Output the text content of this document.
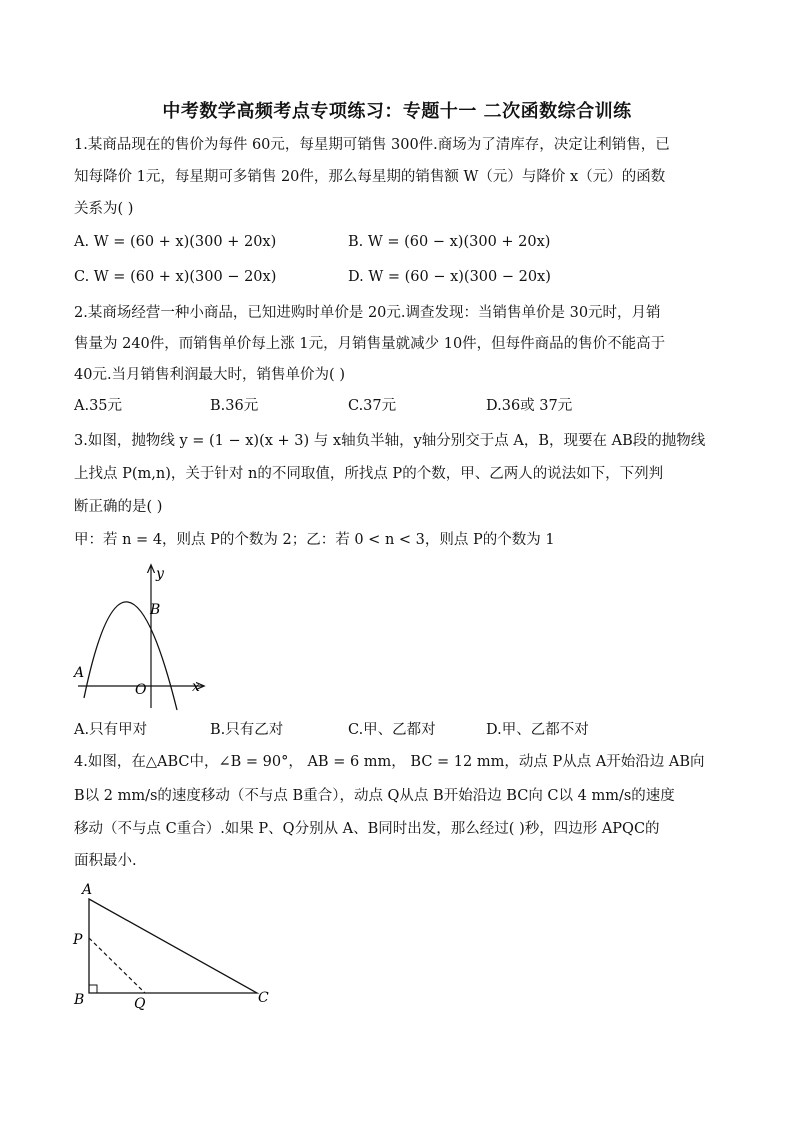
中考数学高频考点专项练习：专题十一 二次函数综合训练
1.某商品现在的售价为每件 60元，每星期可销售 300件.商场为了清库存，决定让利销售，已
知每降价 1元，每星期可多销售 20件，那么每星期的销售额 W（元）与降价 x（元）的函数
关系为( )
A. W = (60 + x)(300 + 20x)	B. W = (60 − x)(300 + 20x)
C. W = (60 + x)(300 − 20x)	D. W = (60 − x)(300 − 20x)
2.某商场经营一种小商品，已知进购时单价是 20元.调查发现：当销售单价是 30元时，月销
售量为 240件，而销售单价每上涨 1元，月销售量就减少 10件，但每件商品的售价不能高于
40元.当月销售利润最大时，销售单价为( )
A.35元	B.36元	C.37元	D.36或 37元
3.如图，抛物线 y = (1 − x)(x + 3) 与 x轴负半轴，y轴分别交于点 A，B，现要在 AB段的抛物线
上找点 P(m,n)，关于针对 n的不同取值，所找点 P的个数，甲、乙两人的说法如下，下列判
断正确的是( )
甲：若 n = 4，则点 P的个数为 2；乙：若 0 < n < 3，则点 P的个数为 1
y
x
A
B
O
A.只有甲对	B.只有乙对	C.甲、乙都对	D.甲、乙都不对
4.如图，在△ABC中，∠B = 90°， AB = 6 mm， BC = 12 mm，动点 P从点 A开始沿边 AB向
B以 2 mm/s的速度移动（不与点 B重合），动点 Q从点 B开始沿边 BC向 C以 4 mm/s的速度
移动（不与点 C重合）.如果 P、Q分别从 A、B同时出发，那么经过( )秒，四边形 APQC的
面积最小.
A
P
B	Q	C
